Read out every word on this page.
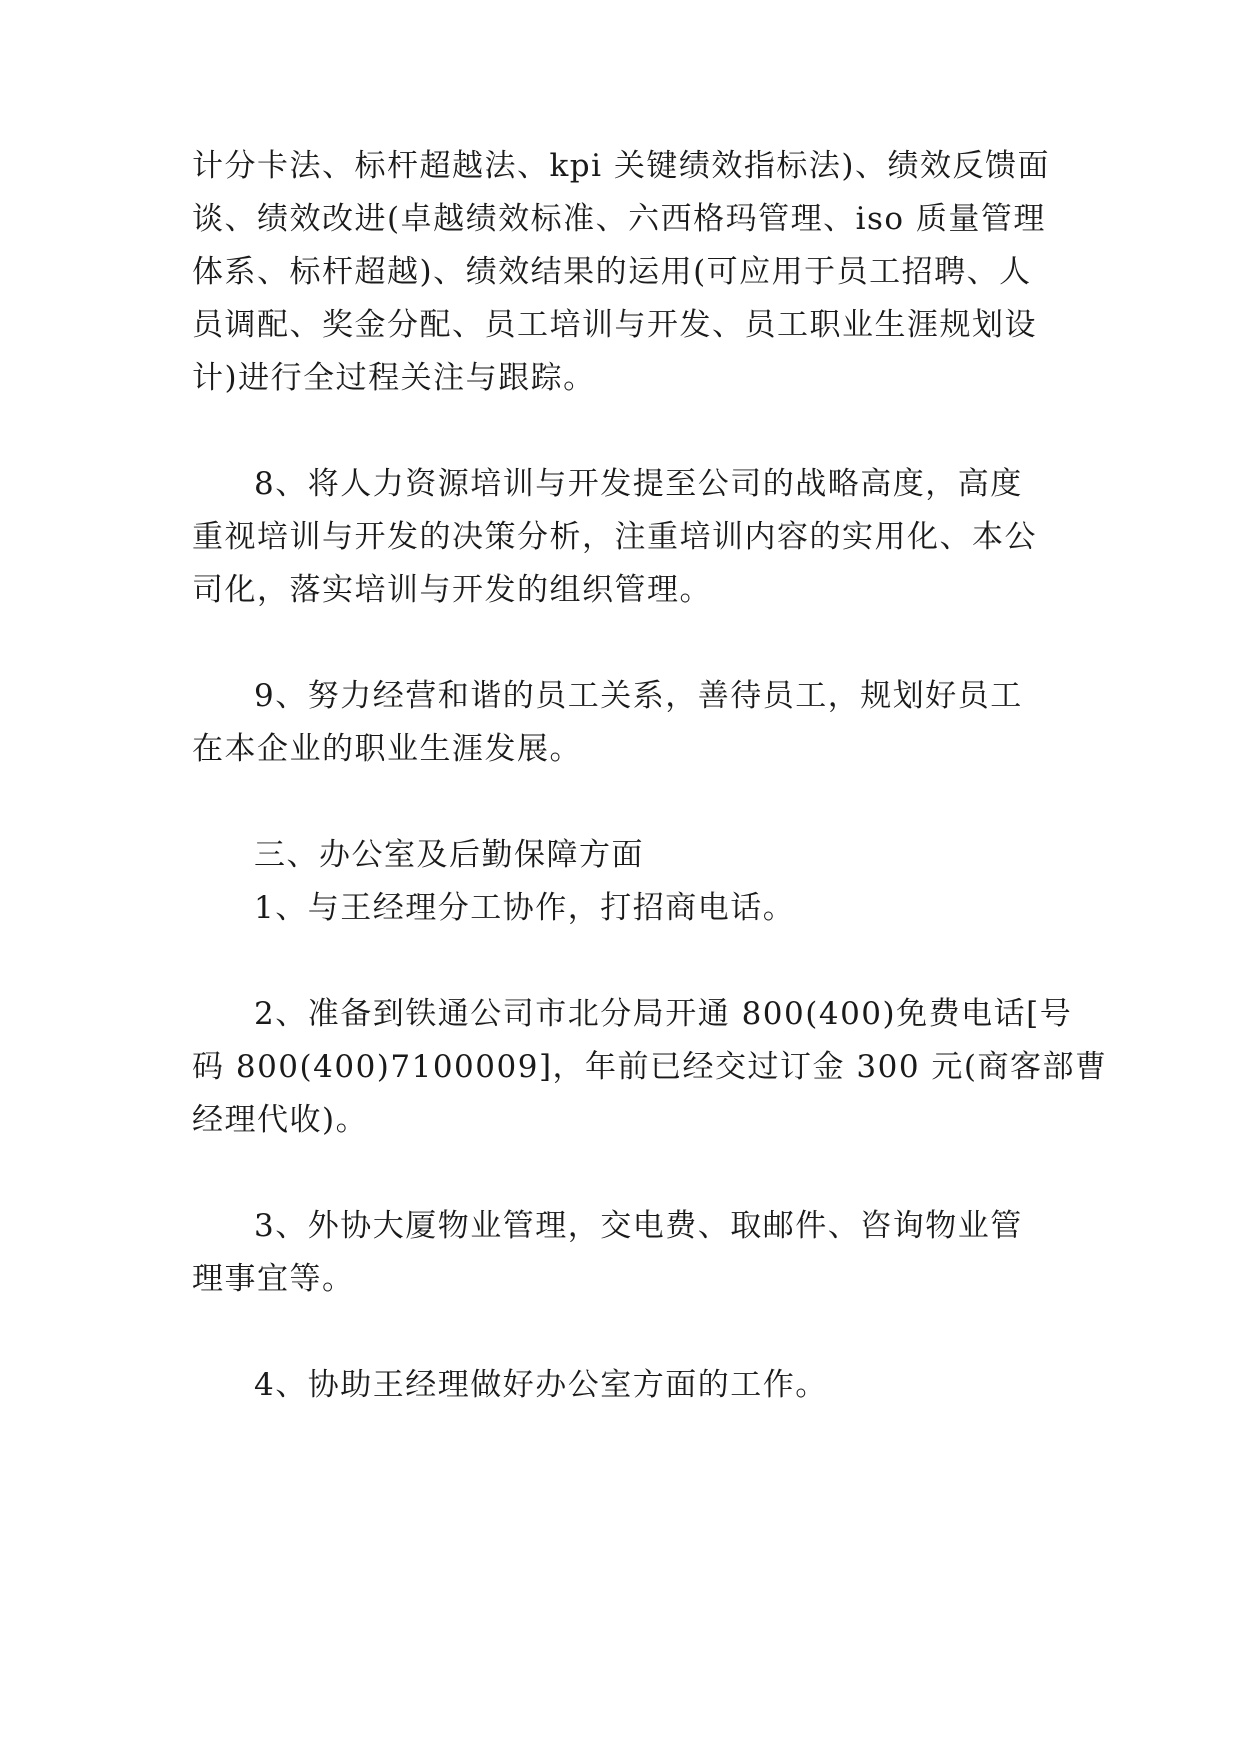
计分卡法、标杆超越法、kpi 关键绩效指标法)、绩效反馈面
谈、绩效改进(卓越绩效标准、六西格玛管理、iso 质量管理
体系、标杆超越)、绩效结果的运用(可应用于员工招聘、人
员调配、奖金分配、员工培训与开发、员工职业生涯规划设
计)进行全过程关注与跟踪。
8、将人力资源培训与开发提至公司的战略高度，高度
重视培训与开发的决策分析，注重培训内容的实用化、本公
司化，落实培训与开发的组织管理。
9、努力经营和谐的员工关系，善待员工，规划好员工
在本企业的职业生涯发展。
三、办公室及后勤保障方面
1、与王经理分工协作，打招商电话。
2、准备到铁通公司市北分局开通 800(400)免费电话[号
码 800(400)7100009]，年前已经交过订金 300 元(商客部曹
经理代收)。
3、外协大厦物业管理，交电费、取邮件、咨询物业管
理事宜等。
4、协助王经理做好办公室方面的工作。
